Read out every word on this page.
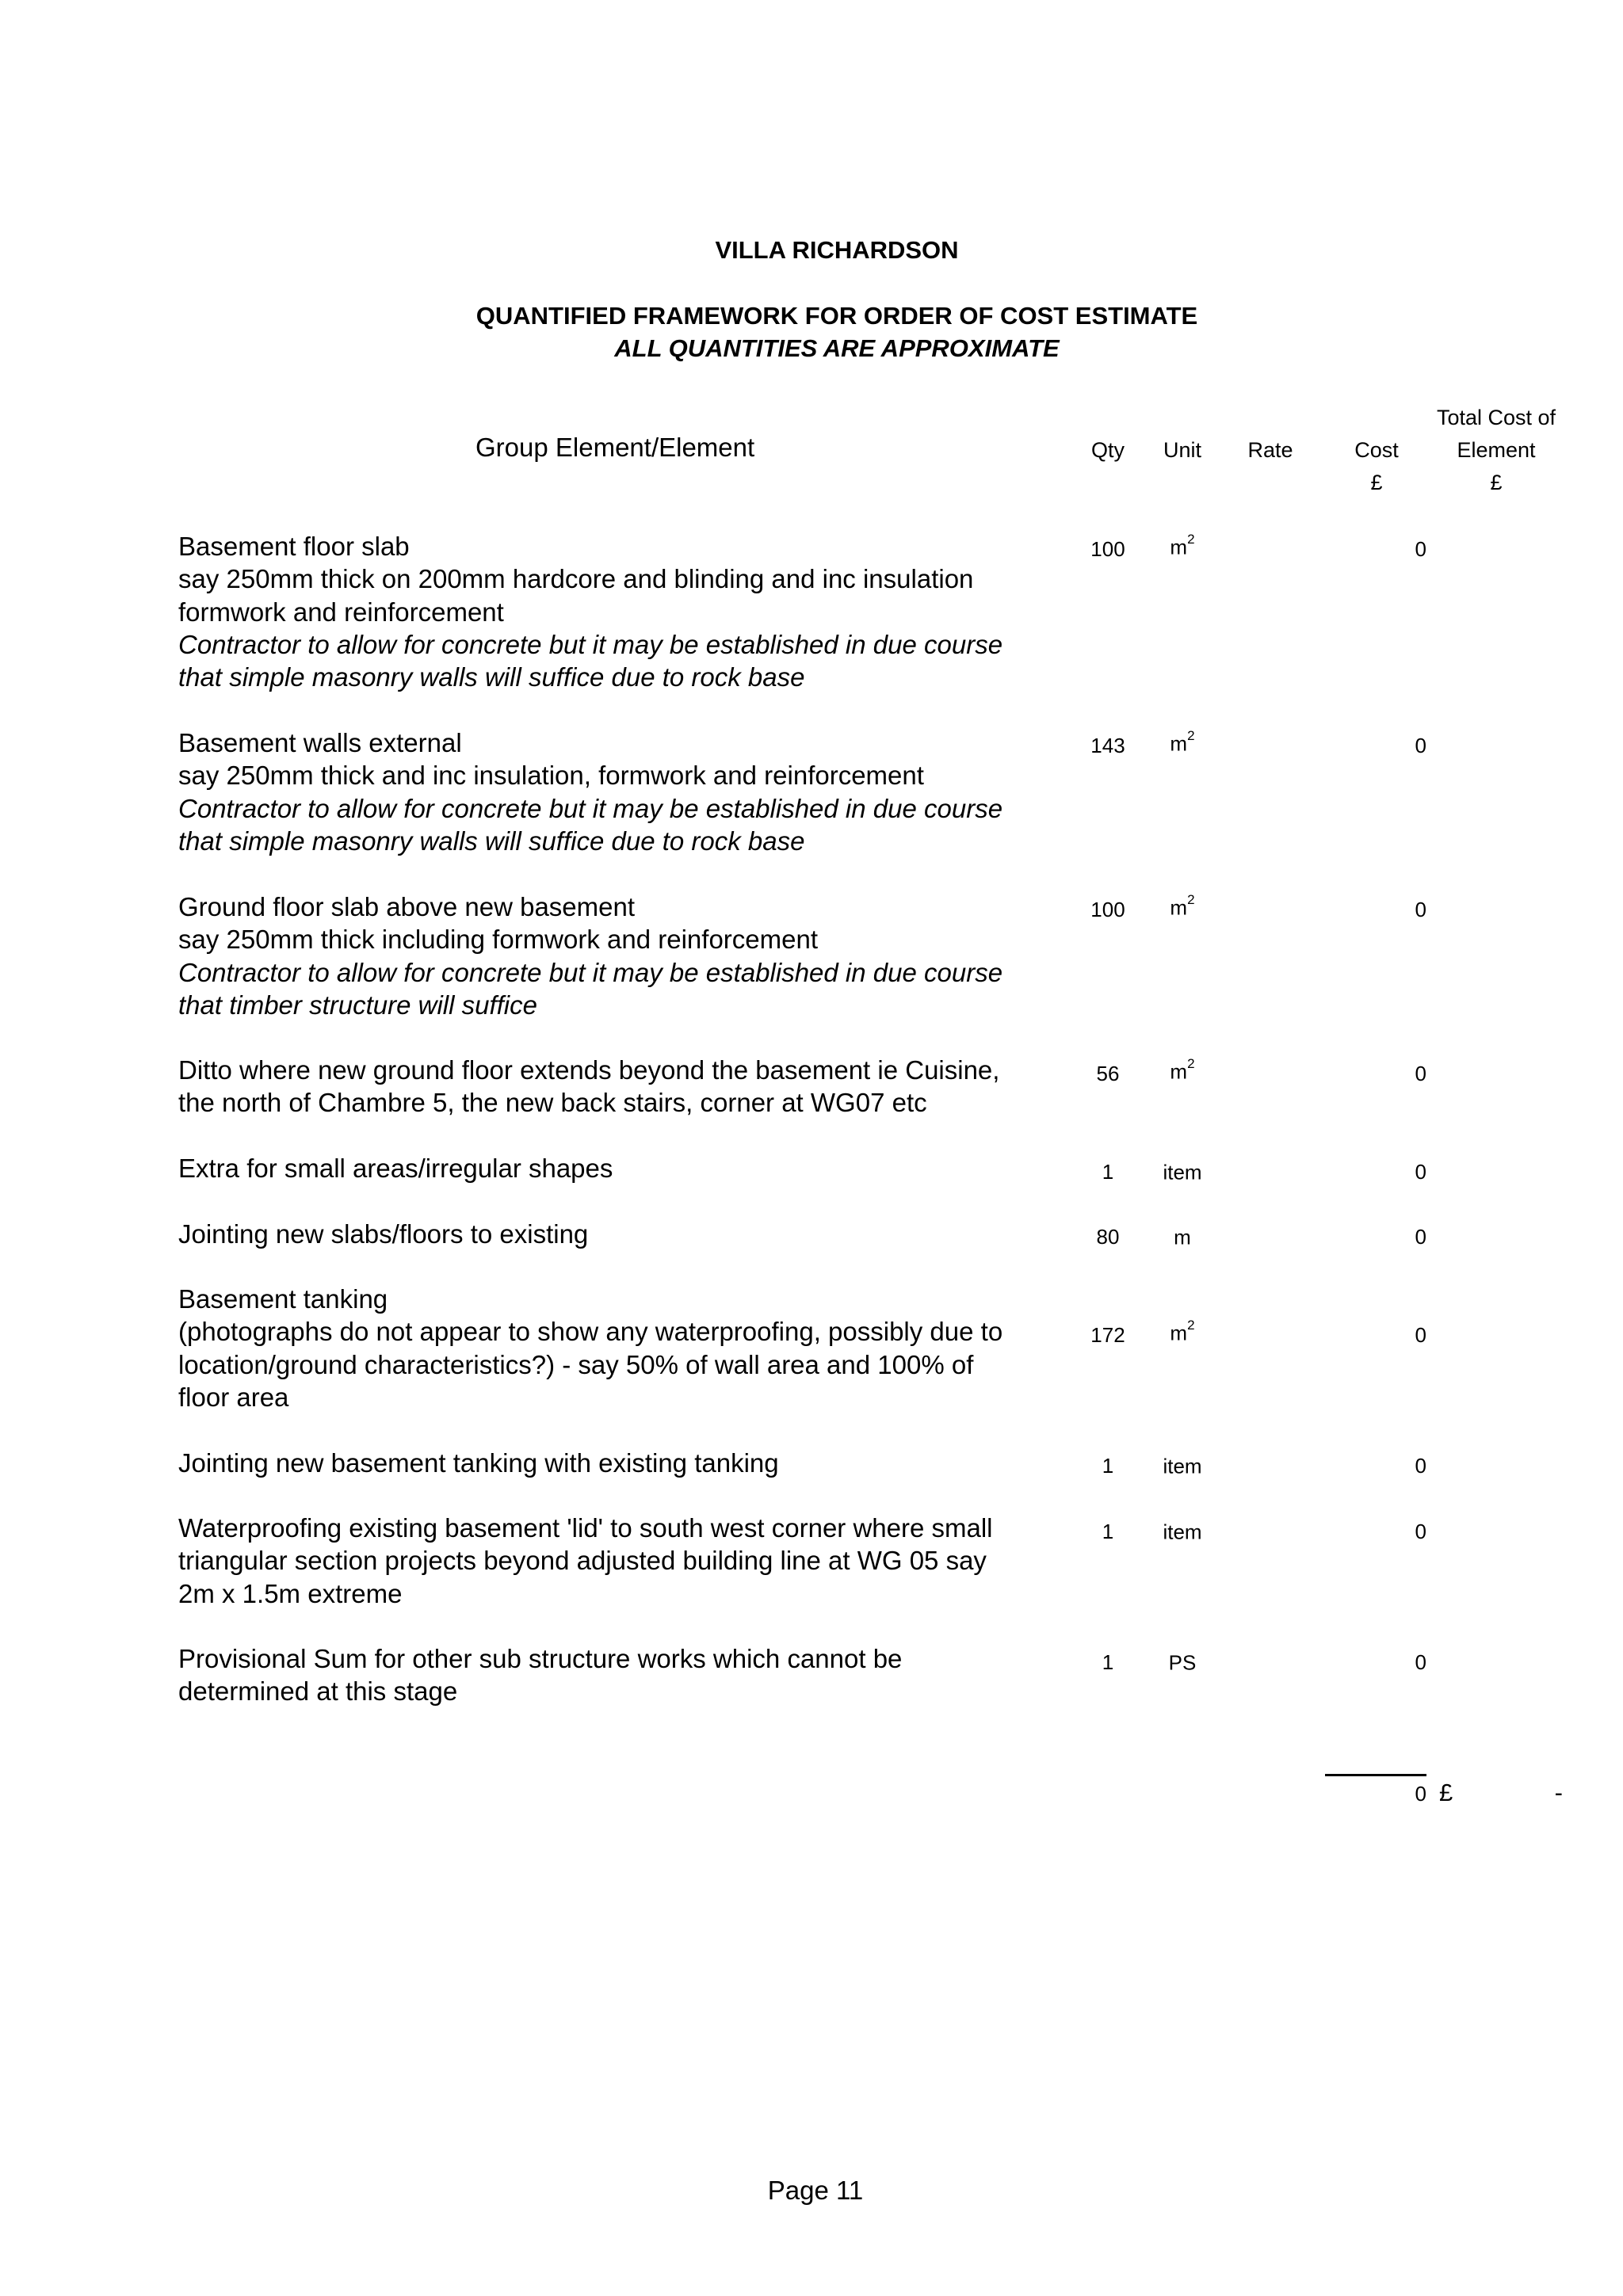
VILLA RICHARDSON
QUANTIFIED FRAMEWORK FOR ORDER OF COST ESTIMATE
ALL QUANTITIES ARE APPROXIMATE
Group Element/Element	Qty	Unit	Rate	Cost
£
Total Cost of
Element
£
Basement floor slab
say 250mm thick on 200mm hardcore and blinding and inc insulation
formwork and reinforcement
Contractor to allow for concrete but it may be established in due course
that simple masonry walls will suffice due to rock base
100	$m^2$	0
Basement walls external
say 250mm thick and inc insulation, formwork and reinforcement
Contractor to allow for concrete but it may be established in due course
that simple masonry walls will suffice due to rock base
143	$m^2$	0
Ground floor slab above new basement
say 250mm thick including formwork and reinforcement
Contractor to allow for concrete but it may be established in due course
that timber structure will suffice
100	$m^2$	0
Ditto where new ground floor extends beyond the basement ie Cuisine,
the north of Chambre 5, the new back stairs, corner at WG07 etc
56	$m^2$	0
Extra for small areas/irregular shapes	1	item	0
Jointing new slabs/floors to existing	80	m	0
Basement tanking
(photographs do not appear to show any waterproofing, possibly due to
location/ground characteristics?) - say 50% of wall area and 100% of
floor area
172	$m^2$	0
Jointing new basement tanking with existing tanking	1	item	0
Waterproofing existing basement 'lid' to south west corner where small
triangular section projects beyond adjusted building line at WG 05 say
2m x 1.5m extreme
1	item	0
Provisional Sum for other sub structure works which cannot be
determined at this stage
1	PS	0
0 £	-
Page 11
